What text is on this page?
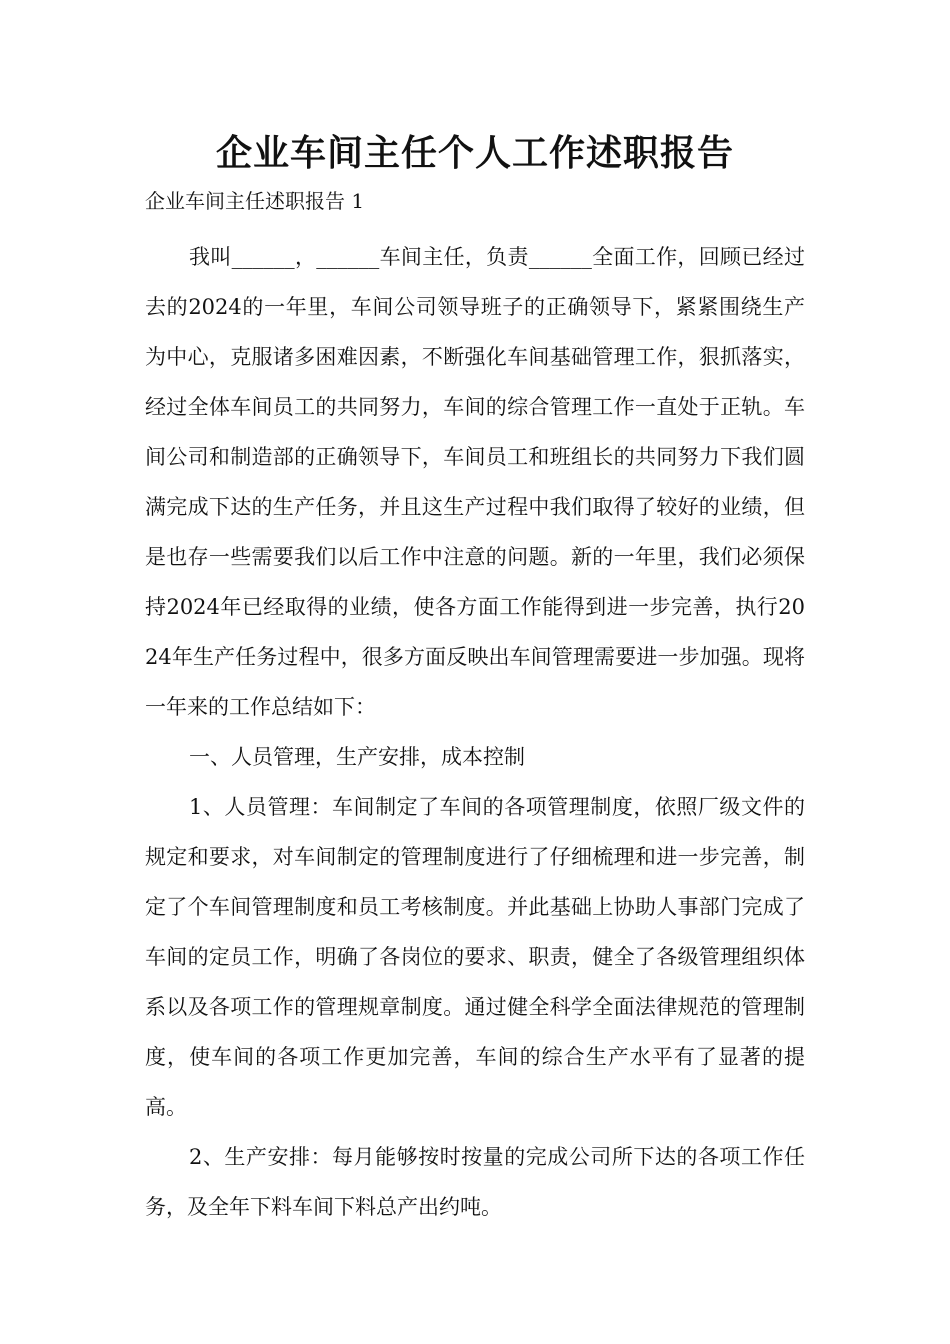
企业车间主任个人工作述职报告

企业车间主任述职报告 1

我叫______，______车间主任，负责______全面工作，回顾已经过去的2024的一年里，车间公司领导班子的正确领导下，紧紧围绕生产为中心，克服诸多困难因素，不断强化车间基础管理工作，狠抓落实，经过全体车间员工的共同努力，车间的综合管理工作一直处于正轨。车间公司和制造部的正确领导下，车间员工和班组长的共同努力下我们圆满完成下达的生产任务，并且这生产过程中我们取得了较好的业绩，但是也存一些需要我们以后工作中注意的问题。新的一年里，我们必须保持2024年已经取得的业绩，使各方面工作能得到进一步完善，执行2024年生产任务过程中，很多方面反映出车间管理需要进一步加强。现将一年来的工作总结如下：

一、人员管理，生产安排，成本控制

1、人员管理：车间制定了车间的各项管理制度，依照厂级文件的规定和要求，对车间制定的管理制度进行了仔细梳理和进一步完善，制定了个车间管理制度和员工考核制度。并此基础上协助人事部门完成了车间的定员工作，明确了各岗位的要求、职责，健全了各级管理组织体系以及各项工作的管理规章制度。通过健全科学全面法律规范的管理制度，使车间的各项工作更加完善，车间的综合生产水平有了显著的提高。

2、生产安排：每月能够按时按量的完成公司所下达的各项工作任务，及全年下料车间下料总产出约吨。
